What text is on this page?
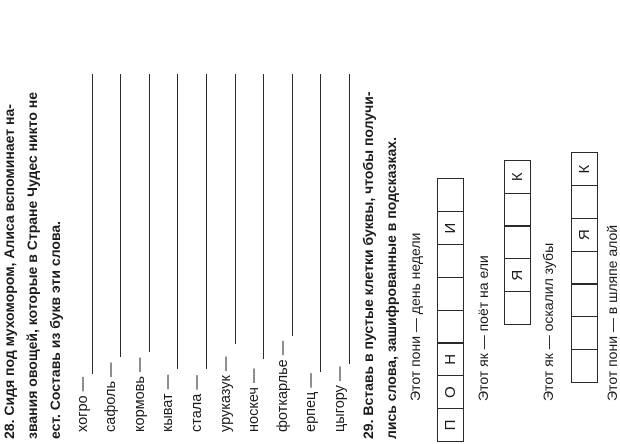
28. Сидя под мухомором, Алиса вспоминает на- звания овощей, которые в Стране Чудес никто не ест. Составь из букв эти слова. хогро — сафоль — кормовь — кыват — стала — уруказук — носкеч — фоткарлье — ерпец — цыгору — 29. Вставь в пустые клетки буквы, чтобы получи- лись слова, зашифрованные в подсказках. Этот пони — день недели
П
О
Н
И
Этот як — поёт на ели	Я
К
Этот як — оскалил зубы
Я
К
Этот пони — в шляпе алой
